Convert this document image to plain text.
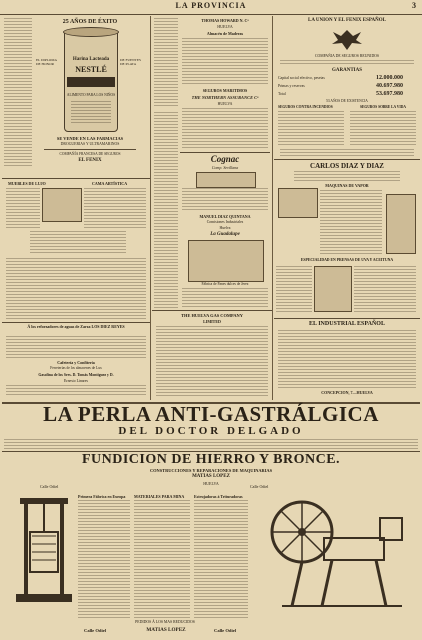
LA PROVINCIA	3
25 AÑOS DE ÉXITO
Harina Lacteada
NESTLÉ
ALIMENTO PARA LOS NIÑOS
EL DIPLOMA DE HONOR
DE FUENTES DE PLATA
SE VENDE EN LAS FARMACIAS
DROGUERIAS Y ULTRAMARINOS
COMPAÑÍA FRANCESA DE SEGUROS
EL FENIX
MUEBLES DE LUJO	CAMA ARTÍSTICA
Á los reforzadores de aguas de Zarza LOS DIEZ REYES
Cafetería y Confitería
Ferreterías de los almacenes de Lux
Gasolina de los Sres. D. Tomás Montiguez y D.
Ernesto Linares
THOMAS HOWARD N. Cᵃ
HUELVA
Almacén de Maderas
SEGUROS MARITIMOS
THE NORTHERN ASSURANCE Cᵒ
HUELVA
Cognac
Comp. Sevillana
MANUEL DIAZ QUINTANA
Comisiones Industriales
Huelva
La Guadalupe
Fábrica de Panes dulces de Jerez
THE HUELVA GAS COMPANY
LIMITED
LA UNION Y EL FENIX ESPAÑOL
COMPAÑIA DE SEGUROS REUNIDOS
GARANTIAS
Capital social efectivo, pesetas	12.000.000
Primas y reservas	40.697.980
Total	53.697.980
53 AÑOS DE EXISTENCIA
SEGUROS CONTRA INCENDIOS	SEGUROS SOBRE LA VIDA
CARLOS DIAZ Y DIAZ
MAQUINAS DE VAPOR
ESPECIALIDAD EN PRENSAS DE UVA Y ACEITUNA
EL INDUSTRIAL ESPAÑOL
CONCEPCION, 7—HUELVA
LA PERLA ANTI-GASTRÁLGICA
DEL DOCTOR DELGADO
FUNDICION DE HIERRO Y BRONCE.
CONSTRUCCIONES Y REPARACIONES DE MAQUINARIAS
MATIAS LOPEZ
HUELVA
Calle Odiel	Calle Odiel
Primera Fábrica en Europa MATERIALES PARA MINA Estrujadoras á Trituradoras
PEDIDOS Á LOS MAS REDUCIDOS
Calle Odiel	MATIAS LOPEZ	Calle Odiel
